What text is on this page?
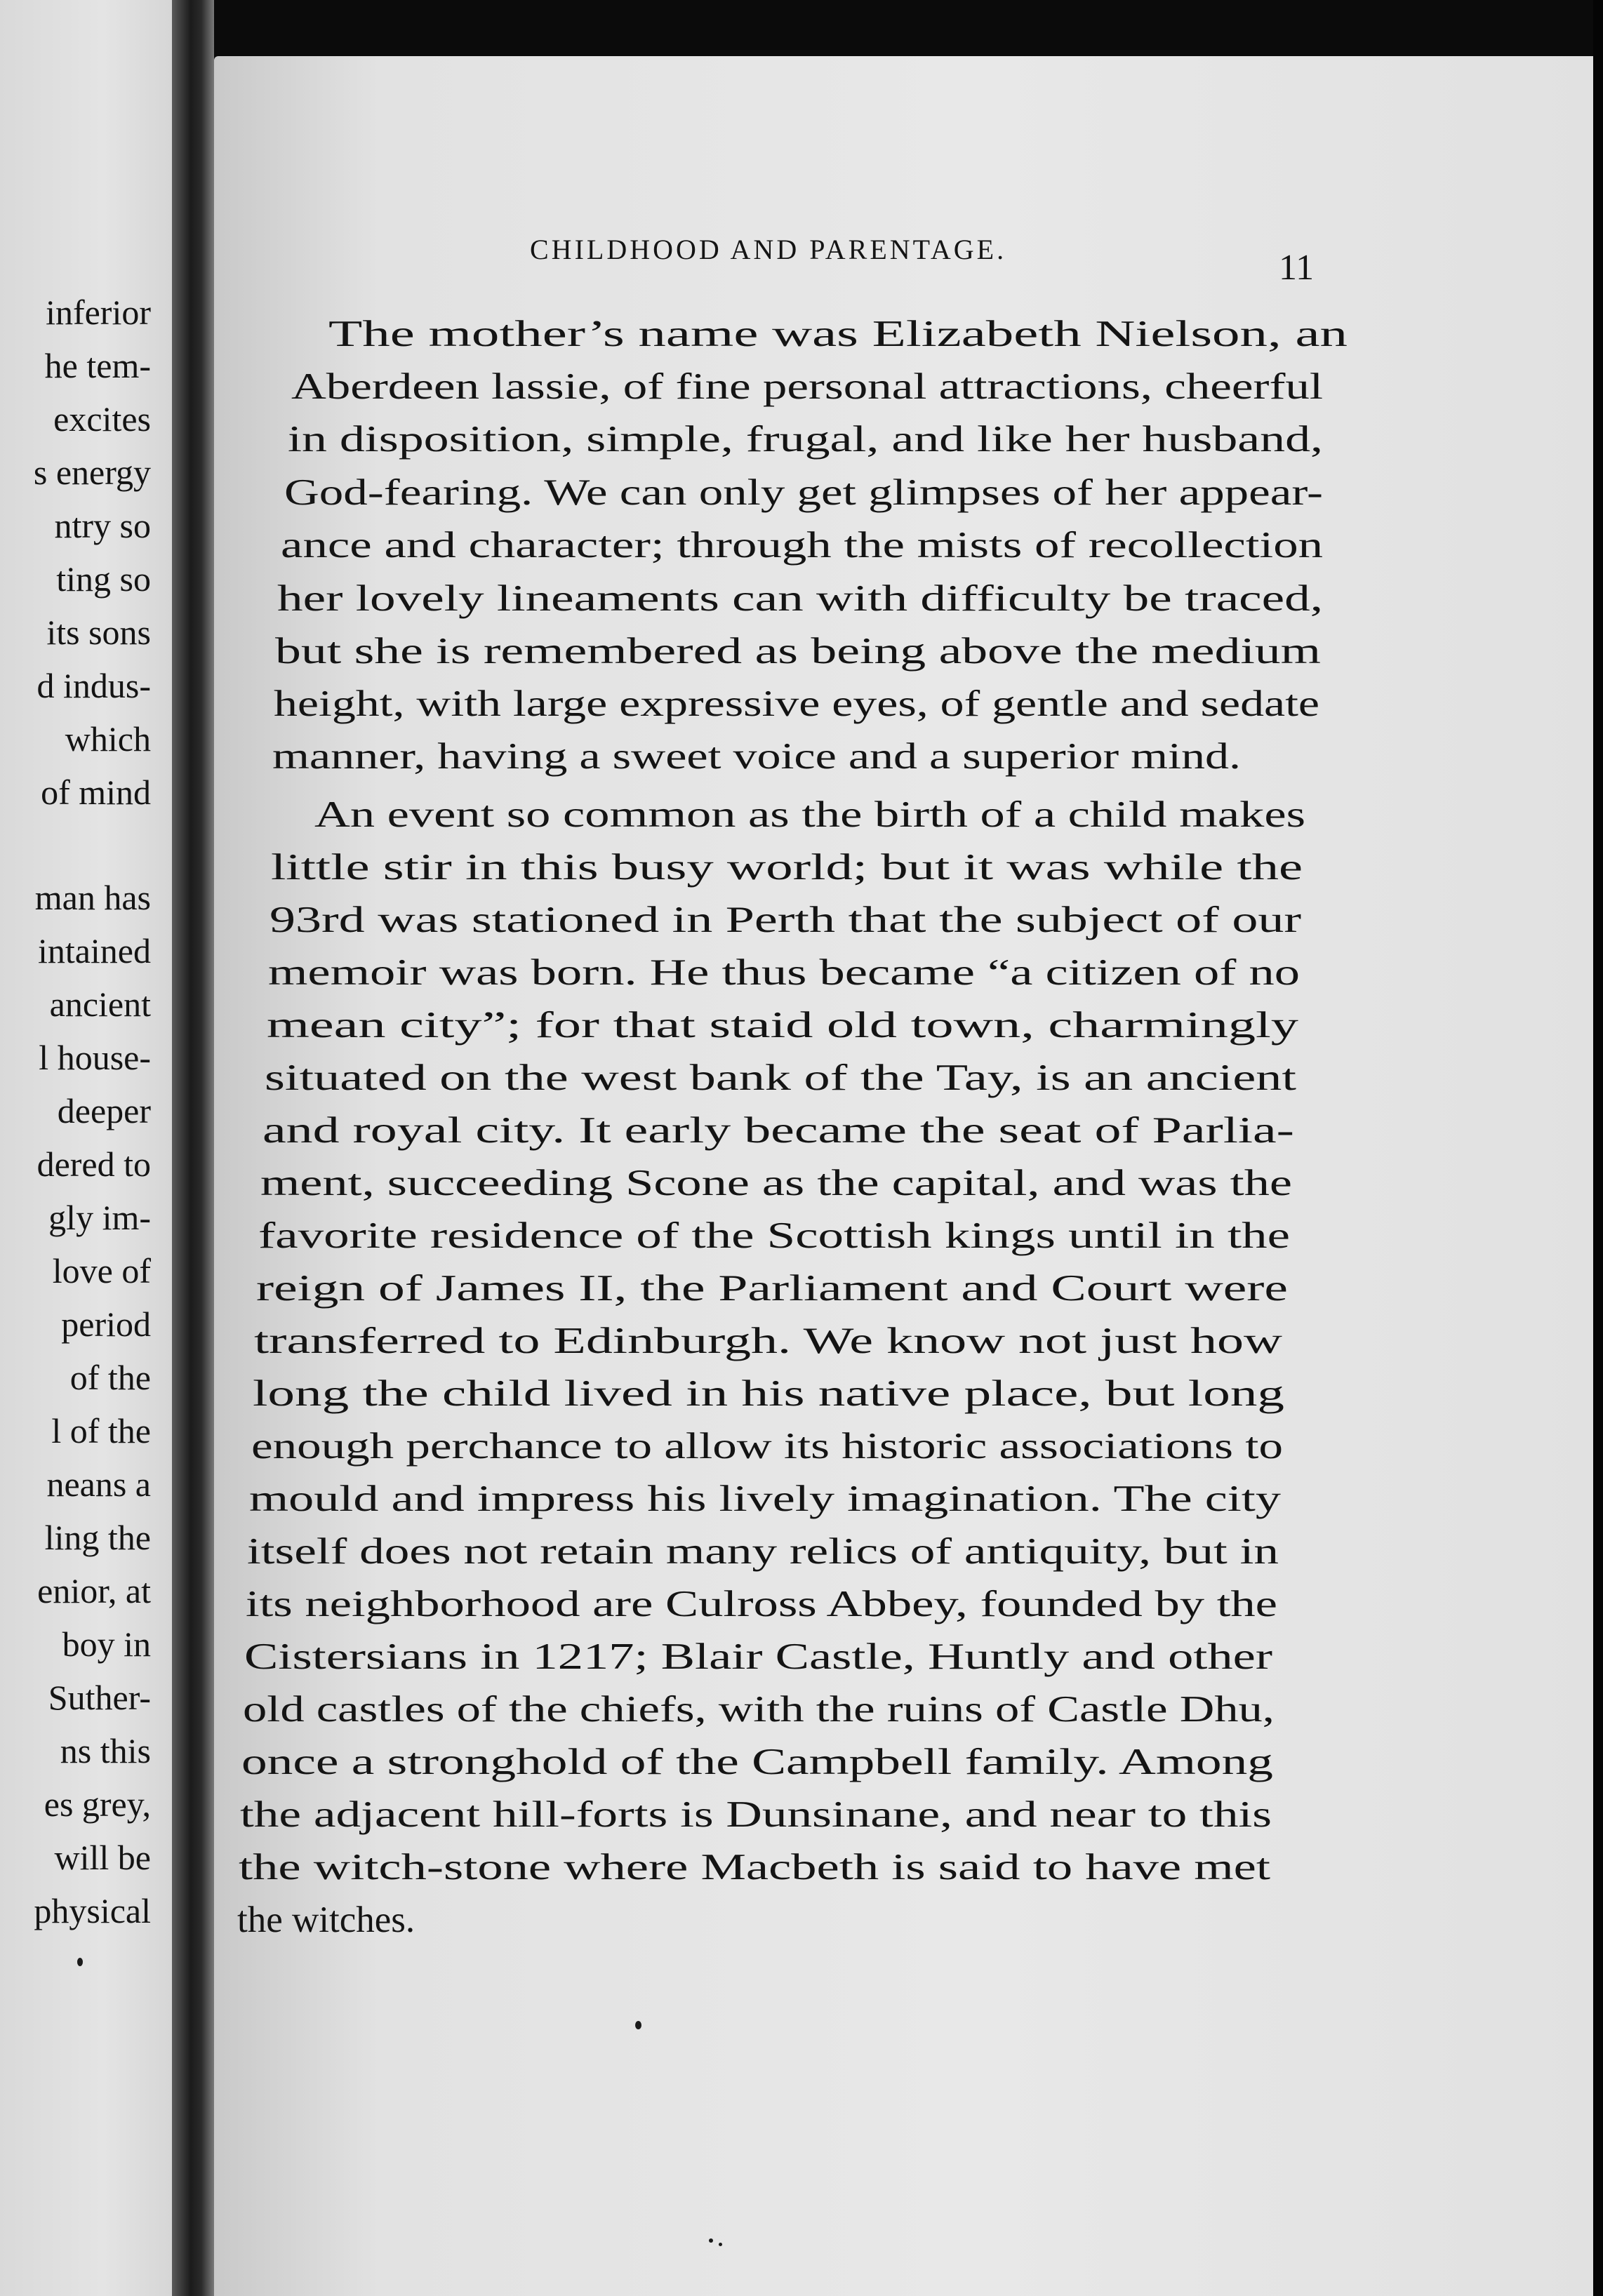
inferior
he tem-
excites
s energy
ntry so
ting so
its sons
d indus-
which
of mind
man has
intained
ancient
l house-
deeper
dered to
gly im-
love of
period
of the
l of the
neans a
ling the
enior, at
boy in
Suther-
ns this
es grey,
will be
physical
CHILDHOOD AND PARENTAGE.	11
The mother’s name was Elizabeth Nielson, an
Aberdeen lassie, of fine personal attractions, cheerful
in disposition, simple, frugal, and like her husband,
God-fearing. We can only get glimpses of her appear-
ance and character; through the mists of recollection
her lovely lineaments can with difficulty be traced,
but she is remembered as being above the medium
height, with large expressive eyes, of gentle and sedate
manner, having a sweet voice and a superior mind.
An event so common as the birth of a child makes
little stir in this busy world; but it was while the
93rd was stationed in Perth that the subject of our
memoir was born. He thus became “a citizen of no
mean city”; for that staid old town, charmingly
situated on the west bank of the Tay, is an ancient
and royal city. It early became the seat of Parlia-
ment, succeeding Scone as the capital, and was the
favorite residence of the Scottish kings until in the
reign of James II, the Parliament and Court were
transferred to Edinburgh. We know not just how
long the child lived in his native place, but long
enough perchance to allow its historic associations to
mould and impress his lively imagination. The city
itself does not retain many relics of antiquity, but in
its neighborhood are Culross Abbey, founded by the
Cistersians in 1217; Blair Castle, Huntly and other
old castles of the chiefs, with the ruins of Castle Dhu,
once a stronghold of the Campbell family. Among
the adjacent hill-forts is Dunsinane, and near to this
the witch-stone where Macbeth is said to have met
the witches.
